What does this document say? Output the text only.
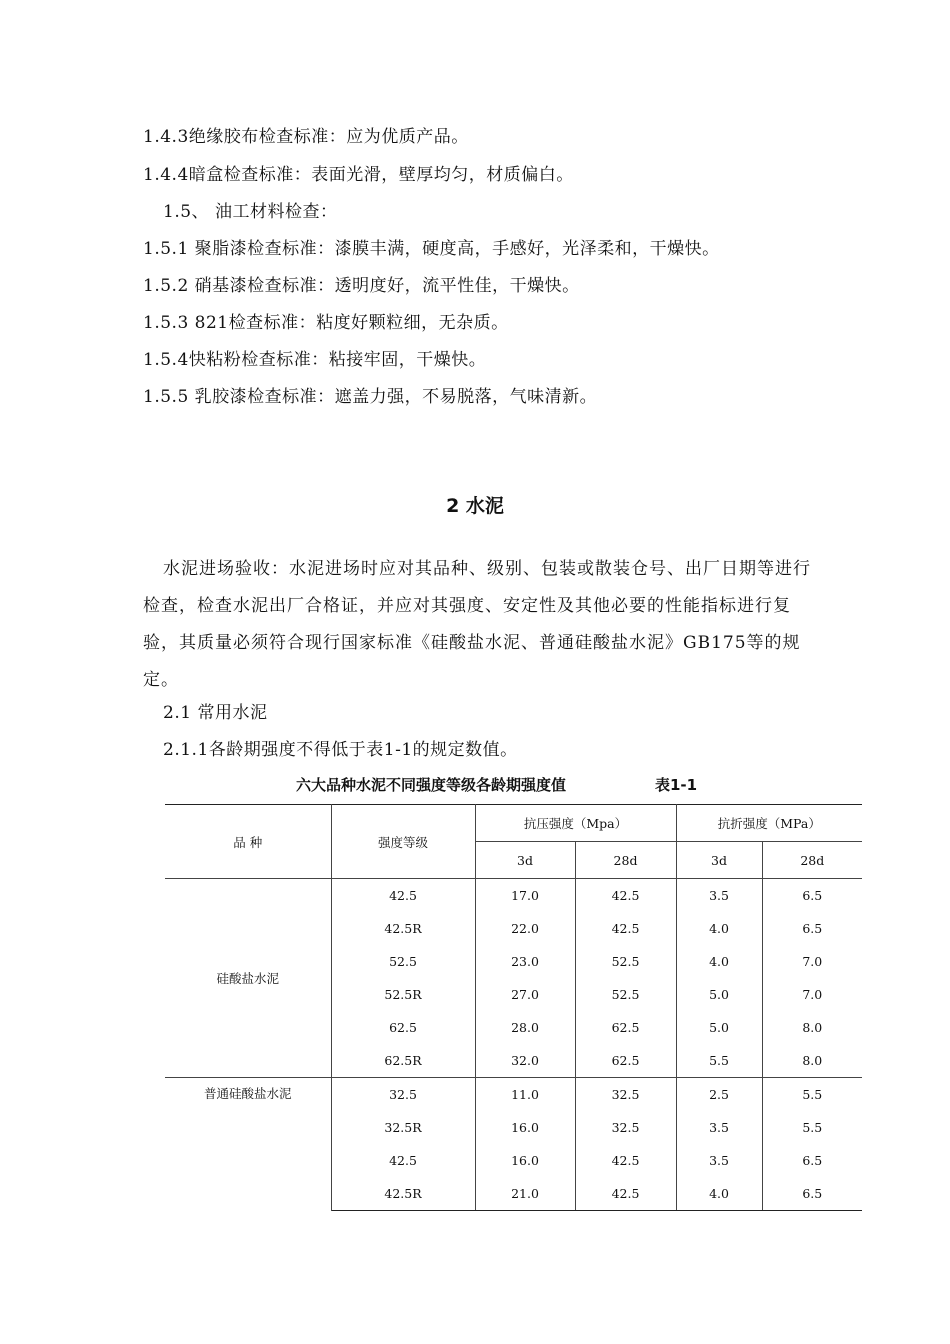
1.4.3绝缘胶布检查标准：应为优质产品。
1.4.4暗盒检查标准：表面光滑，壁厚均匀，材质偏白。
1.5、 油工材料检查：
1.5.1 聚脂漆检查标准：漆膜丰满，硬度高，手感好，光泽柔和，干燥快。
1.5.2 硝基漆检查标准：透明度好，流平性佳，干燥快。
1.5.3 821检查标准：粘度好颗粒细，无杂质。
1.5.4快粘粉检查标准：粘接牢固，干燥快。
1.5.5 乳胶漆检查标准：遮盖力强，不易脱落，气味清新。
2 水泥
水泥进场验收：水泥进场时应对其品种、级别、包装或散装仓号、出厂日期等进行检查，检查水泥出厂合格证，并应对其强度、安定性及其他必要的性能指标进行复验，其质量必须符合现行国家标准《硅酸盐水泥、普通硅酸盐水泥》GB175等的规定。
2.1 常用水泥
2.1.1各龄期强度不得低于表1-1的规定数值。
六大品种水泥不同强度等级各龄期强度值	表1-1
品 种	强度等级	抗压强度（Mpa）		抗折强度（MPa）	
		3d	28d	3d	28d
硅酸盐水泥	42.5	17.0	42.5	3.5	6.5
	42.5R	22.0	42.5	4.0	6.5
	52.5	23.0	52.5	4.0	7.0
	52.5R	27.0	52.5	5.0	7.0
	62.5	28.0	62.5	5.0	8.0
	62.5R	32.0	62.5	5.5	8.0
普通硅酸盐水泥	32.5	11.0	32.5	2.5	5.5
	32.5R	16.0	32.5	3.5	5.5
	42.5	16.0	42.5	3.5	6.5
	42.5R	21.0	42.5	4.0	6.5
